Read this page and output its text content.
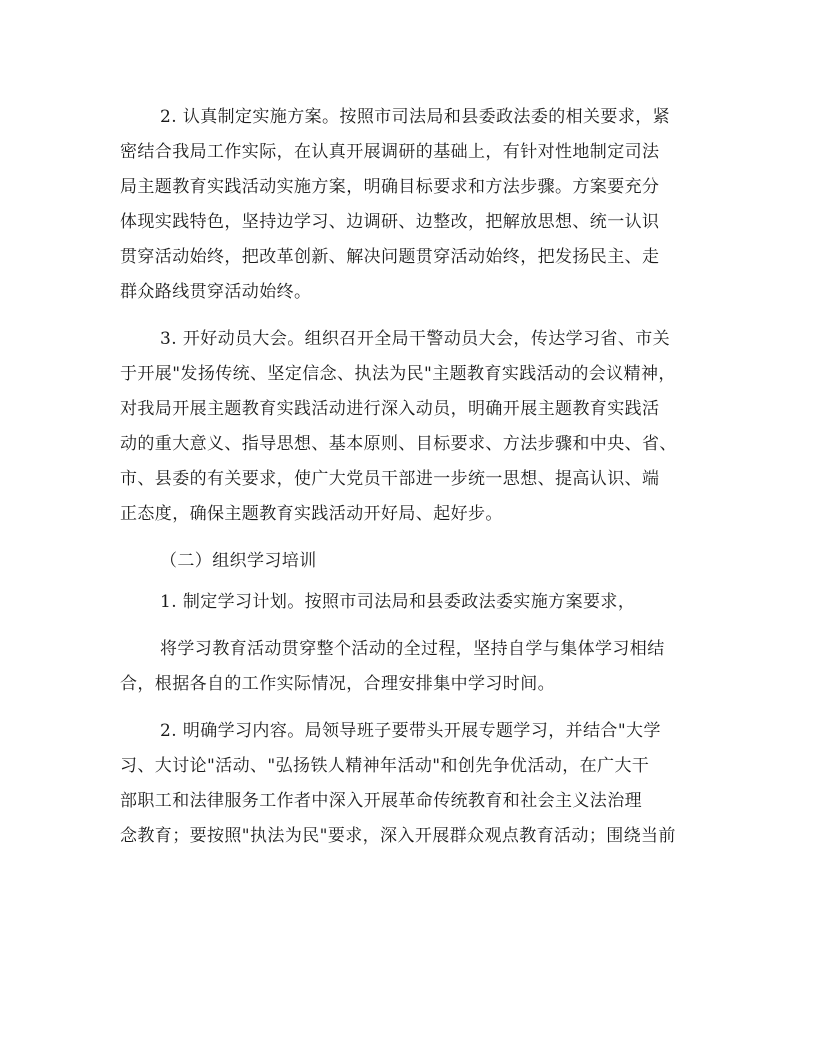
2. 认真制定实施方案。按照市司法局和县委政法委的相关要求，紧
密结合我局工作实际，在认真开展调研的基础上，有针对性地制定司法
局主题教育实践活动实施方案，明确目标要求和方法步骤。方案要充分
体现实践特色，坚持边学习、边调研、边整改，把解放思想、统一认识
贯穿活动始终，把改革创新、解决问题贯穿活动始终，把发扬民主、走
群众路线贯穿活动始终。

3. 开好动员大会。组织召开全局干警动员大会，传达学习省、市关
于开展"发扬传统、坚定信念、执法为民"主题教育实践活动的会议精神，
对我局开展主题教育实践活动进行深入动员，明确开展主题教育实践活
动的重大意义、指导思想、基本原则、目标要求、方法步骤和中央、省、
市、县委的有关要求，使广大党员干部进一步统一思想、提高认识、端
正态度，确保主题教育实践活动开好局、起好步。

（二）组织学习培训

1. 制定学习计划。按照市司法局和县委政法委实施方案要求，

将学习教育活动贯穿整个活动的全过程，坚持自学与集体学习相结
合，根据各自的工作实际情况，合理安排集中学习时间。

2. 明确学习内容。局领导班子要带头开展专题学习，并结合"大学
习、大讨论"活动、"弘扬铁人精神年活动"和创先争优活动，在广大干
部职工和法律服务工作者中深入开展革命传统教育和社会主义法治理
念教育；要按照"执法为民"要求，深入开展群众观点教育活动；围绕当前
